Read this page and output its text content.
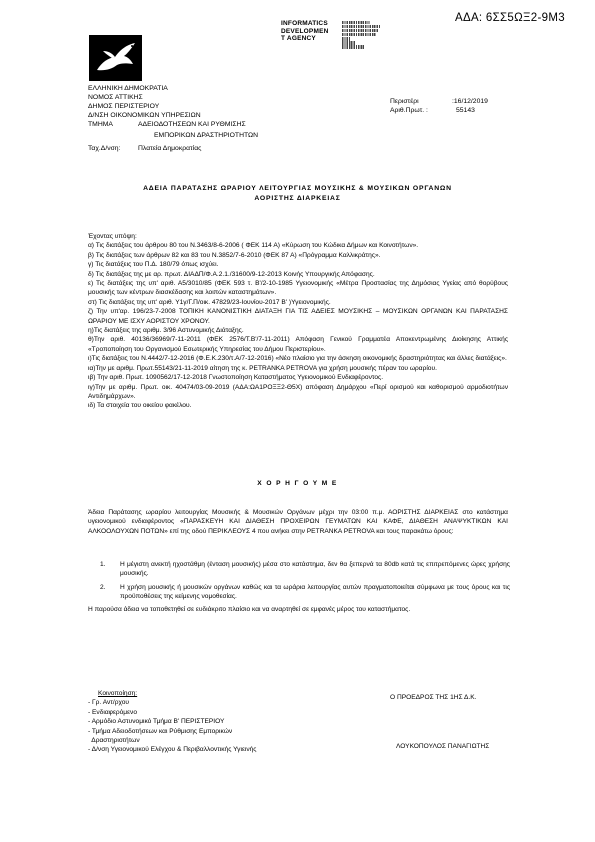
ΑΔΑ: 6ΣΣ5ΩΞ2-9Μ3
INFORMATICS
DEVELOPMEN
T AGENCY
ΕΛΛΗΝΙΚΗ ΔΗΜΟΚΡΑΤΙΑ
ΝΟΜΟΣ ΑΤΤΙΚΗΣ
ΔΗΜΟΣ ΠΕΡΙΣΤΕΡΙΟΥ
Δ/ΝΣΗ ΟΙΚΟΝΟΜΙΚΩΝ ΥΠΗΡΕΣΙΩΝ
ΤΜΗΜΑ	ΑΔΕΙΟΔΟΤΗΣΕΩΝ ΚΑΙ ΡΥΘΜΙΣΗΣ
ΕΜΠΟΡΙΚΩΝ ΔΡΑΣΤΗΡΙΟΤΗΤΩΝ
Ταχ.Δ/νση:	Πλατεία Δημοκρατίας
Περιστέρι	:16/12/2019
Αριθ.Πρωτ. :	55143
ΑΔΕΙΑ ΠΑΡΑΤΑΣΗΣ ΩΡΑΡΙΟΥ ΛΕΙΤΟΥΡΓΙΑΣ ΜΟΥΣΙΚΗΣ & ΜΟΥΣΙΚΩΝ ΟΡΓΑΝΩΝ
ΑΟΡΙΣΤΗΣ ΔΙΑΡΚΕΙΑΣ

Έχοντας υπόψη:

α) Τις διατάξεις του άρθρου 80 του Ν.3463/8-6-2006 ( ΦΕΚ 114 Α) «Κύρωση του Κώδικα Δήμων και Κοινοτήτων».

β) Τις διατάξεις των άρθρων 82 και 83 του Ν.3852/7-6-2010 (ΦΕΚ 87 Α) «Πρόγραμμα Καλλικράτης».

γ) Τις διατάξεις του Π.Δ. 180/79 όπως ισχύει.

δ) Τις διατάξεις της με αρ. πρωτ. ΔΙΑΔΠ/Φ.Α.2.1./31600/9-12-2013 Κοινής Υπουργικής Απόφασης.

ε) Τις διατάξεις της υπ' αριθ. Α5/3010/85 (ΦΕΚ 593 τ. Β'/2-10-1985 Υγειονομικής «Μέτρα Προστασίας της Δημόσιας Υγείας από θορύβους μουσικής των κέντρων διασκέδασης και λοιπών καταστημάτων».

στ) Τις διατάξεις της υπ' αριθ. Υ1γ/Γ.Π/οικ. 47829/23-Ιουνίου-2017 Β' )Υγειονομικής.

ζ) Την υπ'αρ. 196/23-7-2008 ΤΟΠΙΚΗ ΚΑΝΟΝΙΣΤΙΚΗ ΔΙΑΤΑΞΗ ΓΙΑ ΤΙΣ ΑΔΕΙΕΣ ΜΟΥΣΙΚΗΣ – ΜΟΥΣΙΚΩΝ ΟΡΓΑΝΩΝ ΚΑΙ ΠΑΡΑΤΑΣΗΣ ΩΡΑΡΙΟΥ ΜΕ ΙΣΧΥ ΑΟΡΙΣΤΟΥ ΧΡΟΝΟΥ.

η)Τις διατάξεις της αριθμ. 3/96 Αστυνομικής Διάταξης.

θ)Την αριθ. 40136/36969/7-11-2011 (ΦΕΚ 2576/Τ.Β'/7-11-2011) Απόφαση Γενικού Γραμματέα Αποκεντρωμένης Διοίκησης Αττικής «Τροποποίηση του Οργανισμού Εσωτερικής Υπηρεσίας του Δήμου Περιστερίου».

ι)Τις διατάξεις του Ν.4442/7-12-2016 (Φ.Ε.Κ.230/τ.Α/7-12-2016) «Νέο πλαίσιο για την άσκηση οικονομικής δραστηριότητας και άλλες διατάξεις».

ια)Την με αριθμ. Πρωτ.55143/21-11-2019 αίτηση της κ. PETRANKA PETROVA για χρήση μουσικής πέραν του ωραρίου.

ιβ) Την αριθ. Πρωτ. 1090562/17-12-2018 Γνωστοποίηση Καταστήματος Υγειονομικού Ενδιαφέροντος.

ιγ)Την με αριθμ. Πρωτ. οικ. 40474/03-09-2019 (ΑΔΑ:ΩΑ1ΡΟΞΞ2-Θ5Χ) απόφαση Δημάρχου «Περί ορισμού και καθορισμού αρμοδιοτήτων Αντιδημάρχων».

ιδ) Τα στοιχεία του οικείου φακέλου.

Χ Ο Ρ Η Γ Ο Υ Μ Ε
Άδεια Παράτασης ωραρίου λειτουργίας Μουσικής & Μουσικών Οργάνων μέχρι την 03:00 π.μ. ΑΟΡΙΣΤΗΣ ΔΙΑΡΚΕΙΑΣ στο κατάστημα υγειονομικού ενδιαφέροντος «ΠΑΡΑΣΚΕΥΗ ΚΑΙ ΔΙΑΘΕΣΗ ΠΡΟΧΕΙΡΩΝ ΓΕΥΜΑΤΩΝ ΚΑΙ ΚΑΦΕ, ΔΙΑΘΕΣΗ ΑΝΑΨΥΚΤΙΚΩΝ ΚΑΙ ΑΛΚΟΟΛΟΥΧΩΝ ΠΟΤΩΝ» επί της οδού ΠΕΡΙΚΛΕΟΥΣ 4 που ανήκει στην PETRANKA PETROVA και τους παρακάτω όρους:
1.	Η μέγιστη ανεκτή ηχοστάθμη (ένταση μουσικής) μέσα στο κατάστημα, δεν θα ξεπερνά τα 80db κατά τις επιτρεπόμενες ώρες χρήσης μουσικής.
2.	Η χρήση μουσικής ή μουσικών οργάνων καθώς και τα ωράρια λειτουργίας αυτών πραγματοποιείται σύμφωνα με τους όρους και τις προϋποθέσεις της κείμενης νομοθεσίας.
Η παρούσα άδεια να τοποθετηθεί σε ευδιάκριτο πλαίσιο και να αναρτηθεί σε εμφανές μέρος του καταστήματος.
Κοινοποίηση:
- Γρ. Αντ/ρχου
- Ενδιαφερόμενο
- Αρμόδιο Αστυνομικό Τμήμα Β' ΠΕΡΙΣΤΕΡΙΟΥ
- Τμήμα Αδειοδοτήσεων και Ρύθμισης Εμπορικών
Δραστηριοτήτων
- Δ/νση Υγειονομικού Ελέγχου & Περιβαλλοντικής Υγιεινής
Ο ΠΡΟΕΔΡΟΣ ΤΗΣ 1ΗΣ Δ.Κ.
ΛΟΥΚΟΠΟΥΛΟΣ ΠΑΝΑΓΙΩΤΗΣ
